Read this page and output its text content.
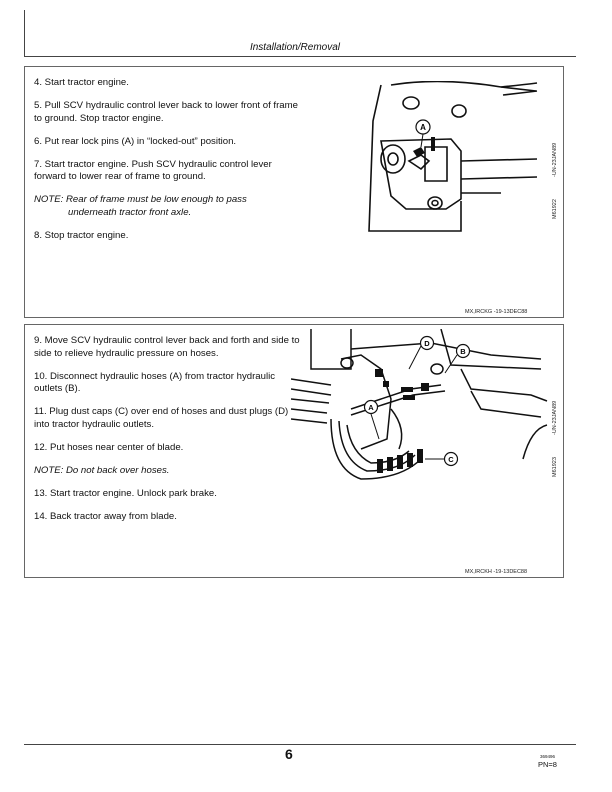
Installation/Removal

4. Start tractor engine.

5. Pull SCV hydraulic control lever back to lower front of frame to ground. Stop tractor engine.

6. Put rear lock pins (A) in “locked-out” position.

7. Start tractor engine. Push SCV hydraulic control lever forward to lower rear of frame to ground.

NOTE: Rear of frame must be low enough to pass
underneath tractor front axle.

8. Stop tractor engine.

A
-UN-23JAN89
M61922
MX,IRCKG -19-13DEC88

9. Move SCV hydraulic control lever back and forth and side to side to relieve hydraulic pressure on hoses.

10. Disconnect hydraulic hoses (A) from tractor hydraulic outlets (B).

11. Plug dust caps (C) over end of hoses and dust plugs (D) into tractor hydraulic outlets.

12. Put hoses near center of blade.

NOTE: Do not back over hoses.

13. Start tractor engine. Unlock park brake.

14. Back tractor away from blade.

D
B
A
C
-UN-23JAN89
M61923
MX,IRCKH -19-13DEC88
6	369496
PN=8
